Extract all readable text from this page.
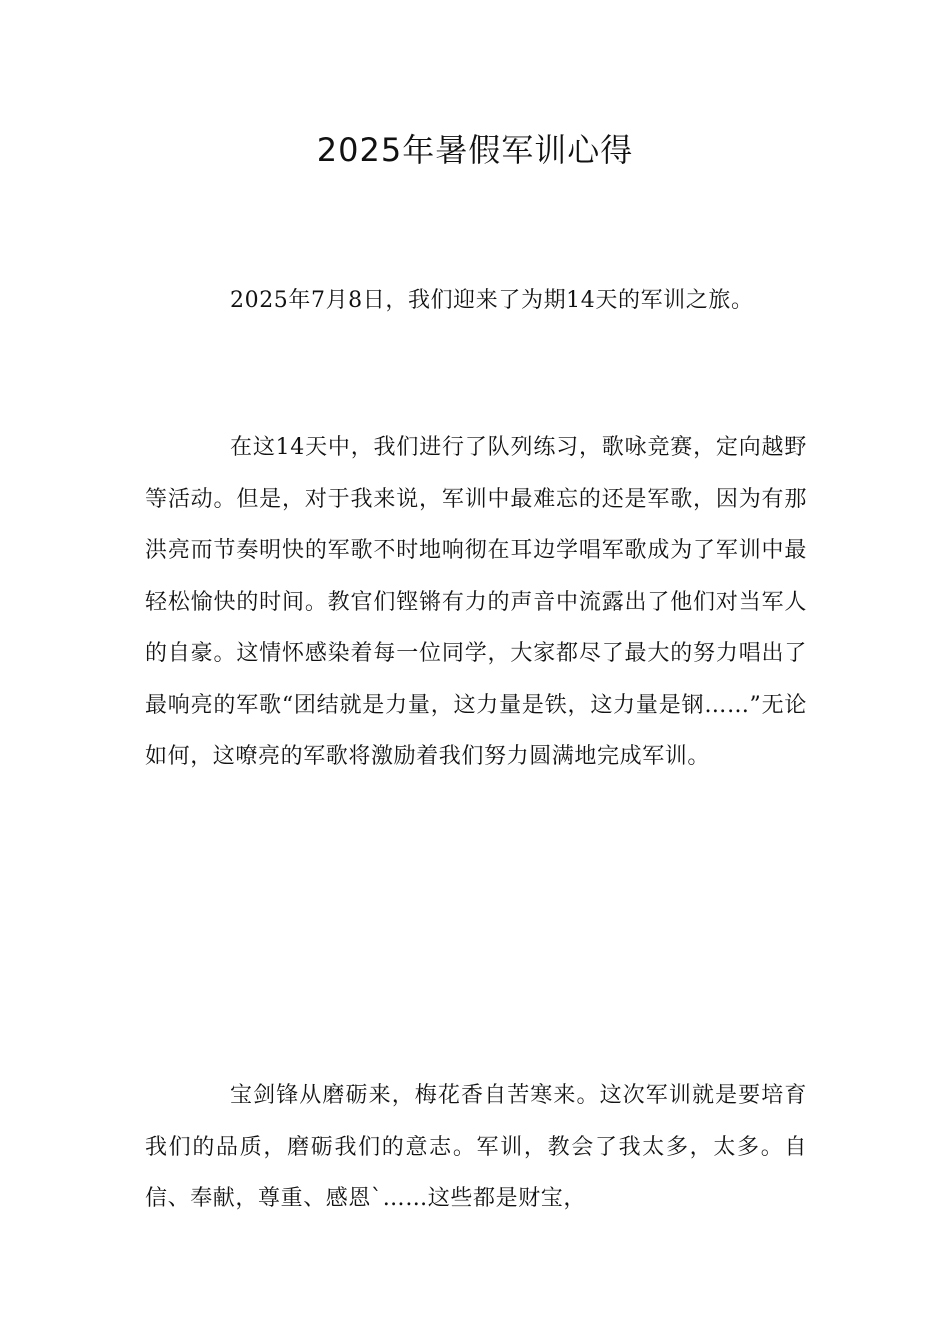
2025年暑假军训心得

2025年7月8日，我们迎来了为期14天的军训之旅。

在这14天中，我们进行了队列练习，歌咏竞赛，定向越野等活动。但是，对于我来说，军训中最难忘的还是军歌，因为有那洪亮而节奏明快的军歌不时地响彻在耳边学唱军歌成为了军训中最轻松愉快的时间。教官们铿锵有力的声音中流露出了他们对当军人的自豪。这情怀感染着每一位同学，大家都尽了最大的努力唱出了最响亮的军歌“团结就是力量，这力量是铁，这力量是钢……”无论如何，这嘹亮的军歌将激励着我们努力圆满地完成军训。

宝剑锋从磨砺来，梅花香自苦寒来。这次军训就是要培育我们的品质，磨砺我们的意志。军训，教会了我太多，太多。自信、奉献，尊重、感恩`……这些都是财宝，
